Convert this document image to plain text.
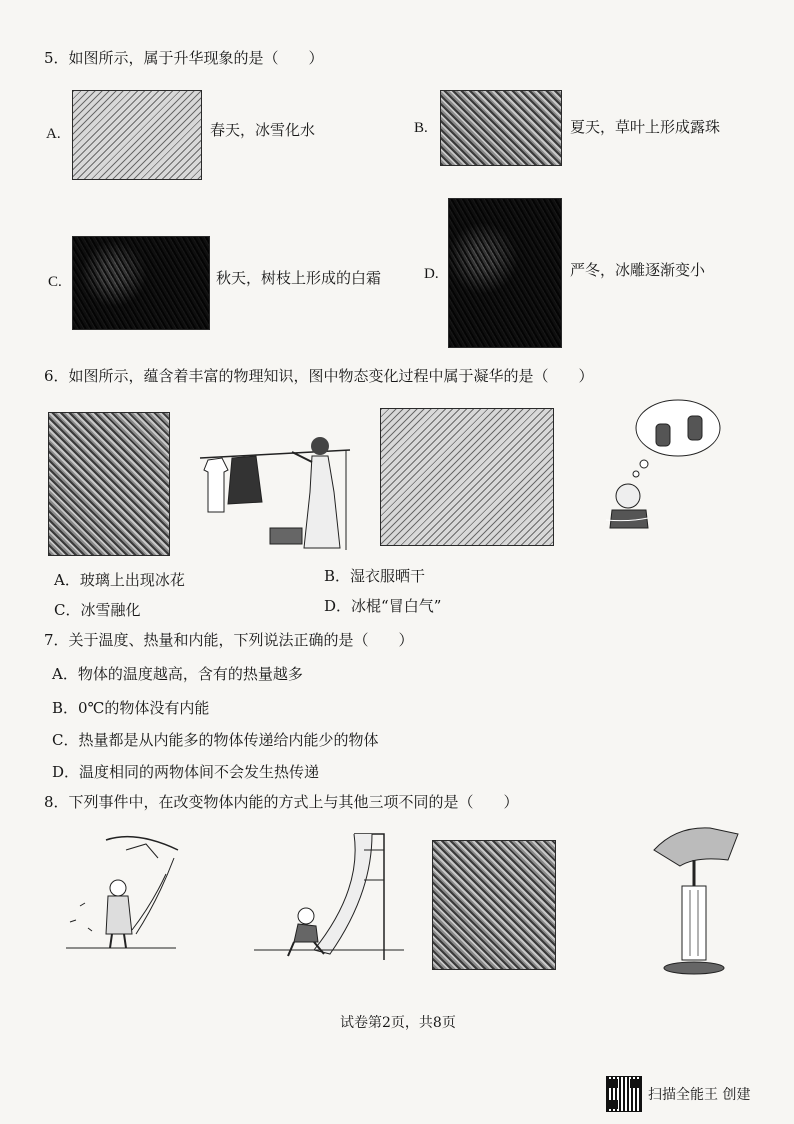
5．如图所示，属于升华现象的是（　　）
A.	春天，冰雪化水	B.	夏天，草叶上形成露珠
C.	秋天，树枝上形成的白霜	D.	严冬，冰雕逐渐变小
6．如图所示，蕴含着丰富的物理知识，图中物态变化过程中属于凝华的是（　　）
A．玻璃上出现冰花	B．湿衣服晒干
C．冰雪融化	D．冰棍“冒白气”
7．关于温度、热量和内能，下列说法正确的是（　　）
A．物体的温度越高，含有的热量越多
B．0℃的物体没有内能
C．热量都是从内能多的物体传递给内能少的物体
D．温度相同的两物体间不会发生热传递
8．下列事件中，在改变物体内能的方式上与其他三项不同的是（　　）
试卷第2页，共8页
扫描全能王 创建
